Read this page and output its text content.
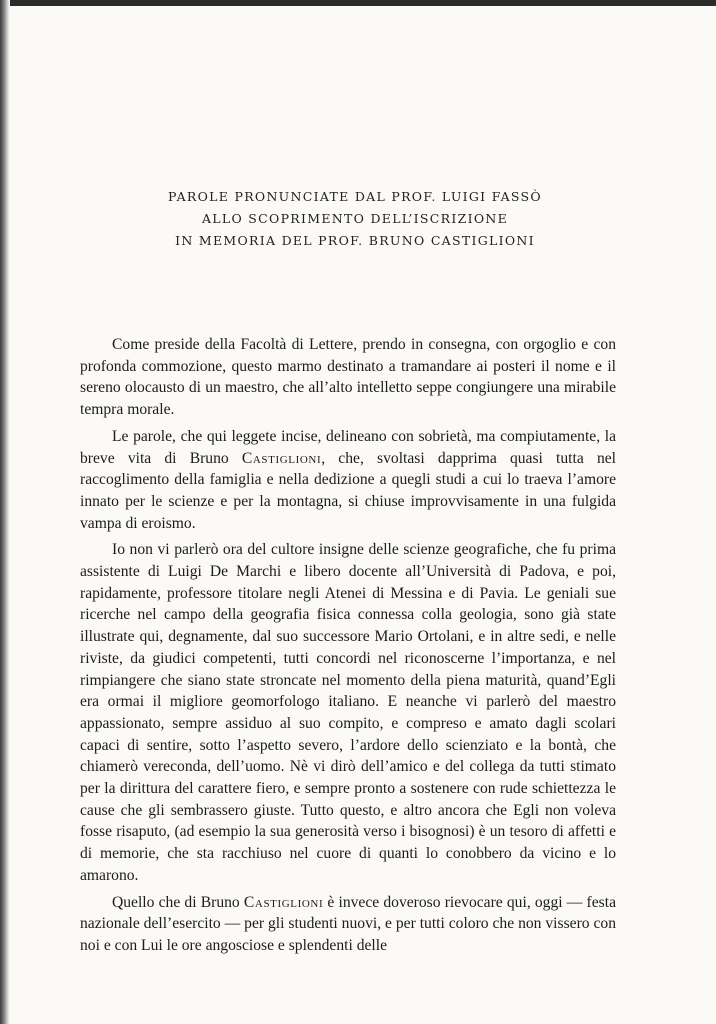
PAROLE PRONUNCIATE DAL PROF. LUIGI FASSÒ
ALLO SCOPRIMENTO DELL’ISCRIZIONE
IN MEMORIA DEL PROF. BRUNO CASTIGLIONI

Come preside della Facoltà di Lettere, prendo in consegna, con orgoglio e con profonda commozione, questo marmo destinato a tramandare ai posteri il nome e il sereno olocausto di un maestro, che all’alto intelletto seppe congiungere una mirabile tempra morale.

Le parole, che qui leggete incise, delineano con sobrietà, ma compiutamente, la breve vita di Bruno Castiglioni, che, svoltasi dapprima quasi tutta nel raccoglimento della famiglia e nella dedizione a quegli studi a cui lo traeva l’amore innato per le scienze e per la montagna, si chiuse improvvisamente in una fulgida vampa di eroismo.

Io non vi parlerò ora del cultore insigne delle scienze geografiche, che fu prima assistente di Luigi De Marchi e libero docente all’Università di Padova, e poi, rapidamente, professore titolare negli Atenei di Messina e di Pavia. Le geniali sue ricerche nel campo della geografia fisica connessa colla geologia, sono già state illustrate qui, degnamente, dal suo successore Mario Ortolani, e in altre sedi, e nelle riviste, da giudici competenti, tutti concordi nel riconoscerne l’importanza, e nel rimpiangere che siano state stroncate nel momento della piena maturità, quand’Egli era ormai il migliore geomorfologo italiano. E neanche vi parlerò del maestro appassionato, sempre assiduo al suo compito, e compreso e amato dagli scolari capaci di sentire, sotto l’aspetto severo, l’ardore dello scienziato e la bontà, che chiamerò vereconda, dell’uomo. Nè vi dirò dell’amico e del collega da tutti stimato per la dirittura del carattere fiero, e sempre pronto a sostenere con rude schiettezza le cause che gli sembrassero giuste. Tutto questo, e altro ancora che Egli non voleva fosse risaputo, (ad esempio la sua generosità verso i bisognosi) è un tesoro di affetti e di memorie, che sta racchiuso nel cuore di quanti lo conobbero da vicino e lo amarono.

Quello che di Bruno Castiglioni è invece doveroso rievocare qui, oggi — festa nazionale dell’esercito — per gli studenti nuovi, e per tutti coloro che non vissero con noi e con Lui le ore angosciose e splendenti delle
